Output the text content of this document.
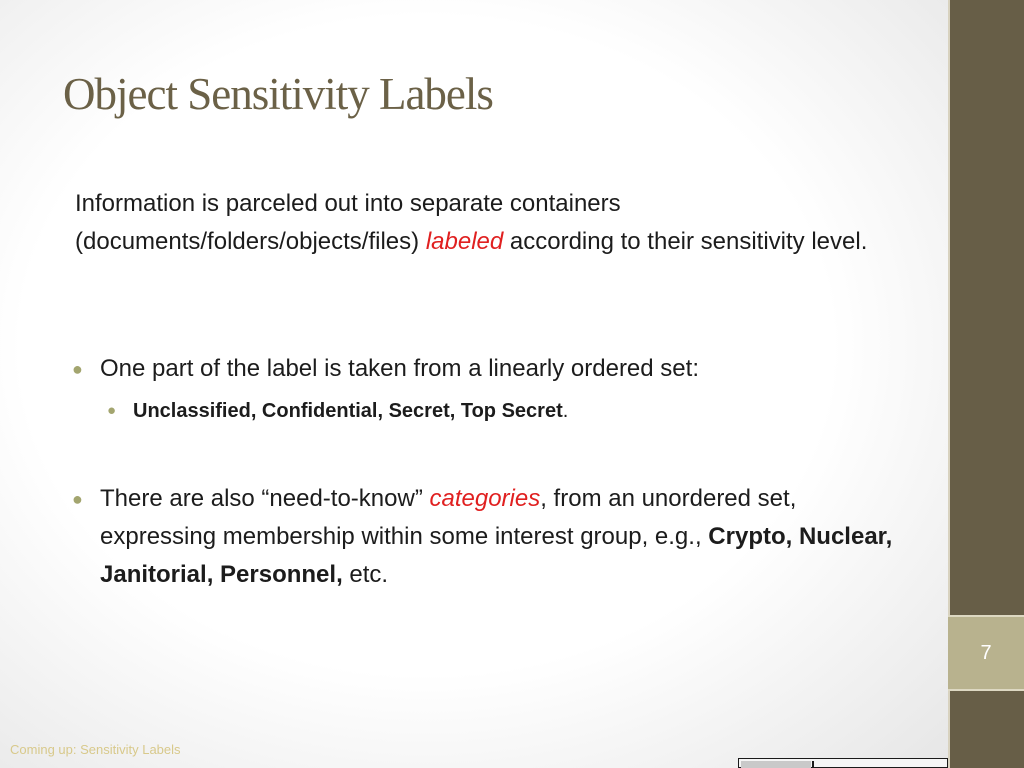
Object Sensitivity Labels

Information is parceled out into separate containers (documents/folders/objects/files) labeled according to their sensitivity level.

● One part of the label is taken from a linearly ordered set:
● Unclassified, Confidential, Secret, Top Secret.
● There are also “need-to-know” categories, from an unordered set, expressing membership within some interest group, e.g., Crypto, Nuclear, Janitorial, Personnel, etc.
Coming up: Sensitivity Labels
7
